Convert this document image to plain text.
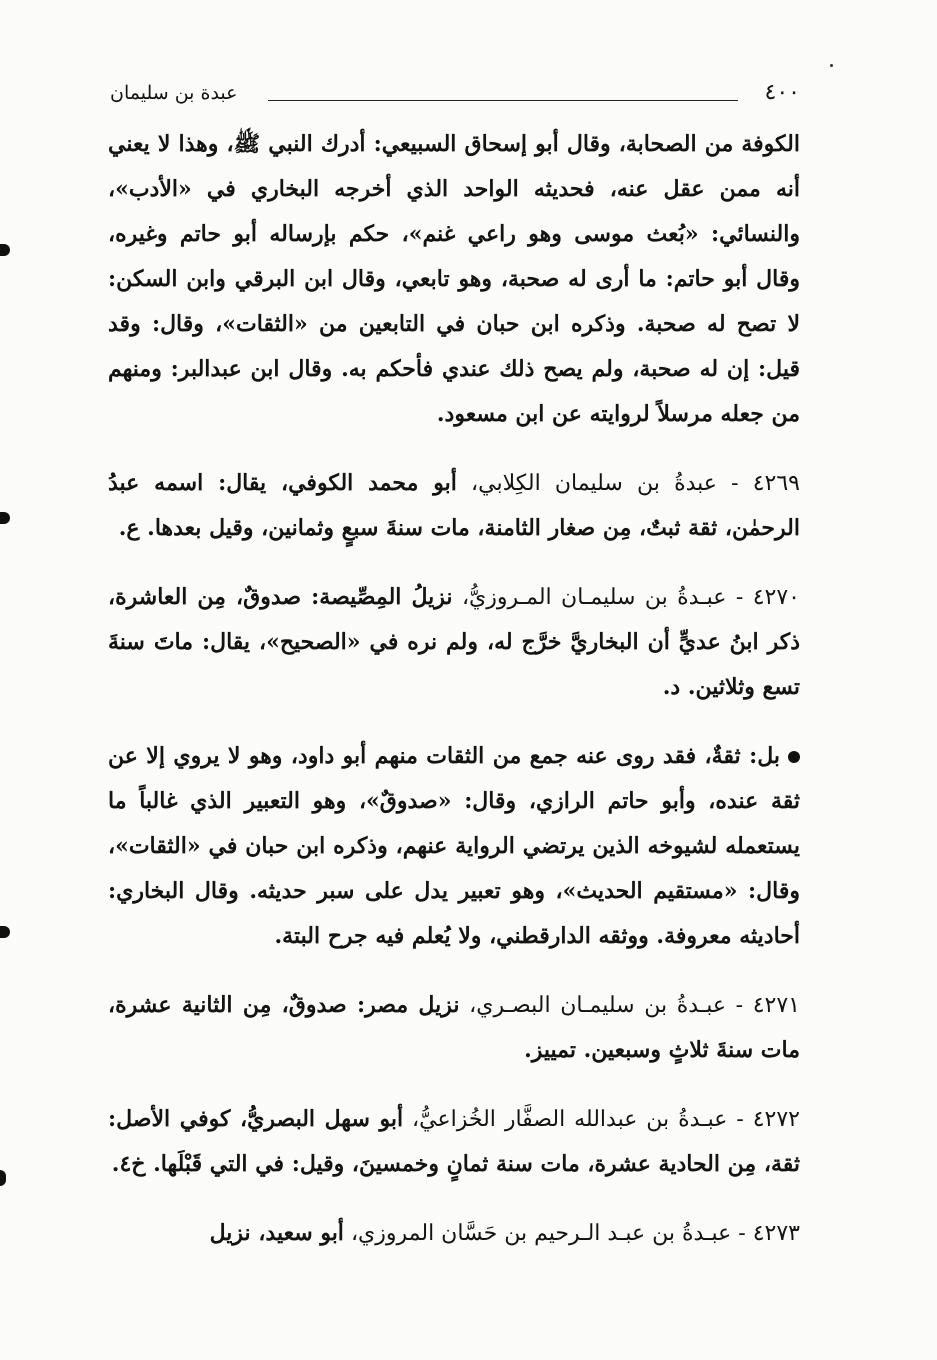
٤٠٠
عبدة بن سليمان

الكوفة من الصحابة، وقال أبو إسحاق السبيعي: أدرك النبي ﷺ، وهذا لا يعني أنه ممن عقل عنه، فحديثه الواحد الذي أخرجه البخاري في «الأدب»، والنسائي: «بُعث موسى وهو راعي غنم»، حكم بإرساله أبو حاتم وغيره، وقال أبو حاتم: ما أرى له صحبة، وهو تابعي، وقال ابن البرقي وابن السكن: لا تصح له صحبة. وذكره ابن حبان في التابعين من «الثقات»، وقال: وقد قيل: إن له صحبة، ولم يصح ذلك عندي فأحكم به. وقال ابن عبدالبر: ومنهم من جعله مرسلاً لروايته عن ابن مسعود.

٤٢٦٩ - عبدةُ بن سليمان الكِلابي، أبو محمد الكوفي، يقال: اسمه عبدُ الرحمٰن، ثقة ثبتٌ، مِن صغار الثامنة، مات سنةَ سبعٍ وثمانين، وقيل بعدها. ع.

٤٢٧٠ - عبـدةُ بن سليمـان المـروزيُّ، نزيلُ المِصِّيصة: صدوقٌ، مِن العاشرة، ذكر ابنُ عديٍّ أن البخاريَّ خرَّج له، ولم نره في «الصحيح»، يقال: ماتَ سنةَ تسع وثلاثين. د.

بل: ثقةٌ، فقد روى عنه جمع من الثقات منهم أبو داود، وهو لا يروي إلا عن ثقة عنده، وأبو حاتم الرازي، وقال: «صدوقٌ»، وهو التعبير الذي غالباً ما يستعمله لشيوخه الذين يرتضي الرواية عنهم، وذكره ابن حبان في «الثقات»، وقال: «مستقيم الحديث»، وهو تعبير يدل على سبر حديثه. وقال البخاري: أحاديثه معروفة. ووثقه الدارقطني، ولا يُعلم فيه جرح البتة.

٤٢٧١ - عبـدةُ بن سليمـان البصـري، نزيل مصر: صدوقٌ، مِن الثانية عشرة، مات سنةَ ثلاثٍ وسبعين. تمييز.

٤٢٧٢ - عبـدةُ بن عبدالله الصفَّار الخُزاعيُّ، أبو سهل البصريُّ، كوفي الأصل: ثقة، مِن الحادية عشرة، مات سنة ثمانٍ وخمسينَ، وقيل: في التي قَبْلَها. خ٤.

٤٢٧٣ - عبـدةُ بن عبـد الـرحيم بن حَسَّان المروزي، أبو سعيد، نزيل
